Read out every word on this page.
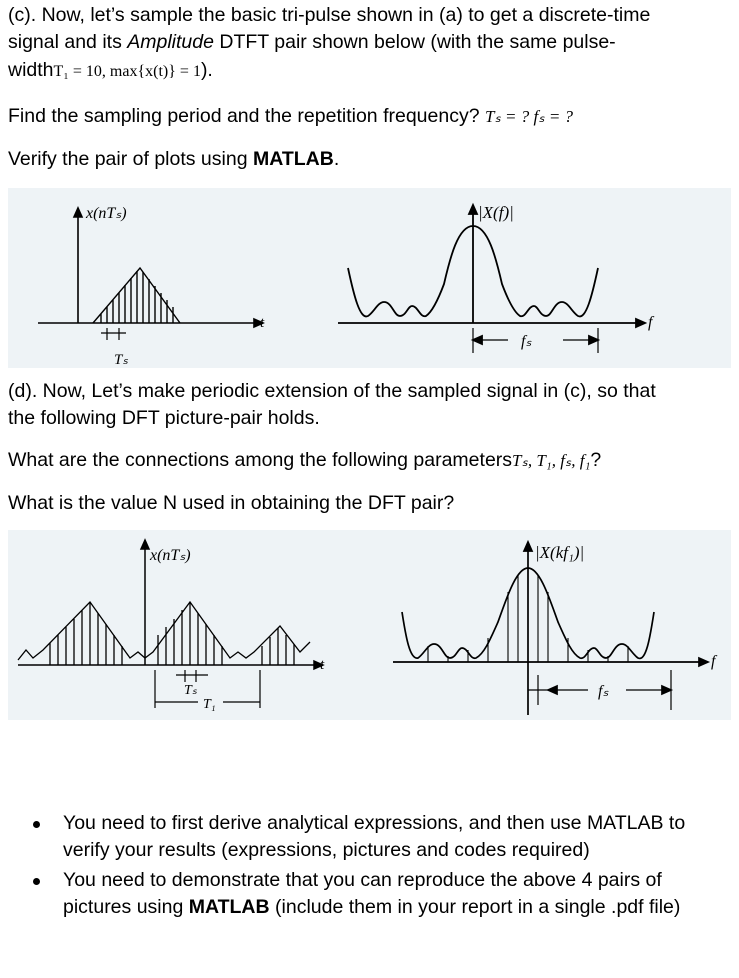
(c). Now, let’s sample the basic tri-pulse shown in (a) to get a discrete-time

signal and its Amplitude DTFT pair shown below (with the same pulse-

widthT₁ = 10, max{x(t)} = 1).

Find the sampling period and the repetition frequency? Tₛ = ? fₛ = ?

Verify the pair of plots using MATLAB.

x(nTₛ)
t
Tₛ
|X(f)|
f
fₛ

(d). Now, Let’s make periodic extension of the sampled signal in (c), so that

the following DFT picture-pair holds.

What are the connections among the following parametersTₛ, T₁, fₛ, f₁?

What is the value N used in obtaining the DFT pair?

x(nTₛ)
t
Tₛ
T₁
|X(kf₁)|
f
fₛ
You need to first derive analytical expressions, and then use MATLAB to verify your results (expressions, pictures and codes required)
You need to demonstrate that you can reproduce the above 4 pairs of pictures using MATLAB (include them in your report in a single .pdf file)
